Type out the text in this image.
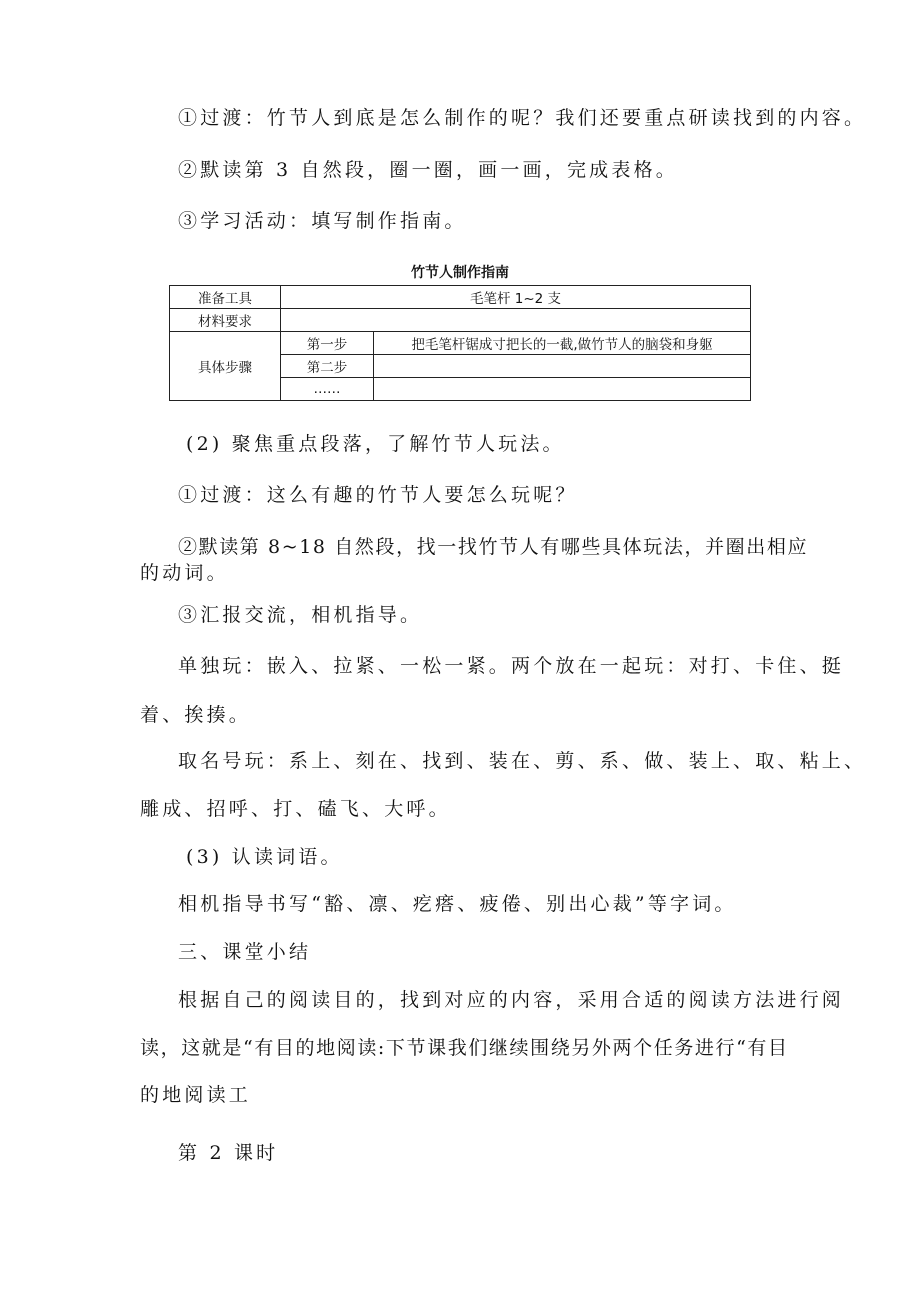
①过渡：竹节人到底是怎么制作的呢？我们还要重点研读找到的内容。
②默读第 3 自然段，圈一圈，画一画，完成表格。
③学习活动：填写制作指南。
竹节人制作指南
准备工具	毛笔杆 1~2 支	
材料要求		
具体步骤	第一步	把毛笔杆锯成寸把长的一截,做竹节人的脑袋和身躯
	第二步	
	……	
(2) 聚焦重点段落，了解竹节人玩法。
①过渡：这么有趣的竹节人要怎么玩呢？
②默读第 8~18 自然段，找一找竹节人有哪些具体玩法，并圈出相应
的动词。
③汇报交流，相机指导。
单独玩：嵌入、拉紧、一松一紧。两个放在一起玩：对打、卡住、挺
着、挨揍。
取名号玩：系上、刻在、找到、装在、剪、系、做、装上、取、粘上、
雕成、招呼、打、磕飞、大呼。
(3) 认读词语。
相机指导书写“豁、凛、疙瘩、疲倦、别出心裁”等字词。
三、课堂小结
根据自己的阅读目的，找到对应的内容，采用合适的阅读方法进行阅
读，这就是“有目的地阅读:下节课我们继续围绕另外两个任务进行“有目
的地阅读工
第 2 课时
